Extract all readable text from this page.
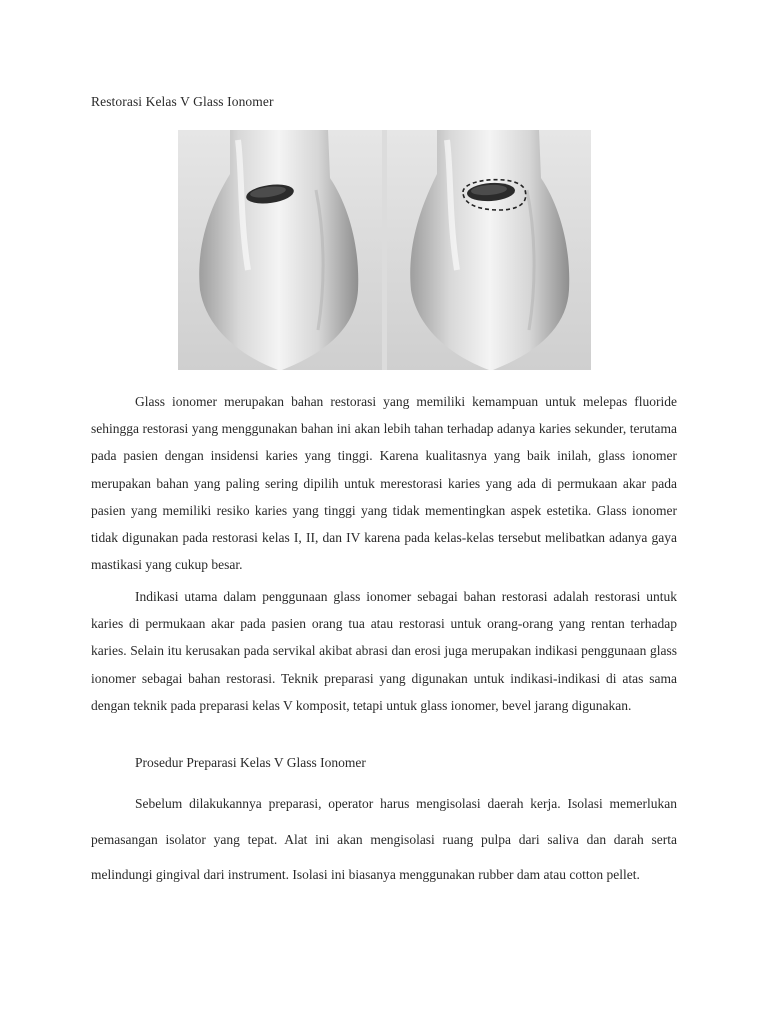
Restorasi Kelas V Glass Ionomer

Glass ionomer merupakan bahan restorasi yang memiliki kemampuan untuk melepas fluoride sehingga restorasi yang menggunakan bahan ini akan lebih tahan terhadap adanya karies sekunder, terutama pada pasien dengan insidensi karies yang tinggi. Karena kualitasnya yang baik inilah, glass ionomer merupakan bahan yang paling sering dipilih untuk merestorasi karies yang ada di permukaan akar pada pasien yang memiliki resiko karies yang tinggi yang tidak mementingkan aspek estetika. Glass ionomer tidak digunakan pada restorasi kelas I, II, dan IV karena pada kelas-kelas tersebut melibatkan adanya gaya mastikasi yang cukup besar.

Indikasi utama dalam penggunaan glass ionomer sebagai bahan restorasi adalah restorasi untuk karies di permukaan akar pada pasien orang tua atau restorasi untuk orang-orang yang rentan terhadap karies. Selain itu kerusakan pada servikal akibat abrasi dan erosi juga merupakan indikasi penggunaan glass ionomer sebagai bahan restorasi. Teknik preparasi yang digunakan untuk indikasi-indikasi di atas sama dengan teknik pada preparasi kelas V komposit, tetapi untuk glass ionomer, bevel jarang digunakan.

Prosedur Preparasi Kelas V Glass Ionomer

Sebelum dilakukannya preparasi, operator harus mengisolasi daerah kerja. Isolasi memerlukan pemasangan isolator yang tepat. Alat ini akan mengisolasi ruang pulpa dari saliva dan darah serta melindungi gingival dari instrument. Isolasi ini biasanya menggunakan rubber dam atau cotton pellet.
